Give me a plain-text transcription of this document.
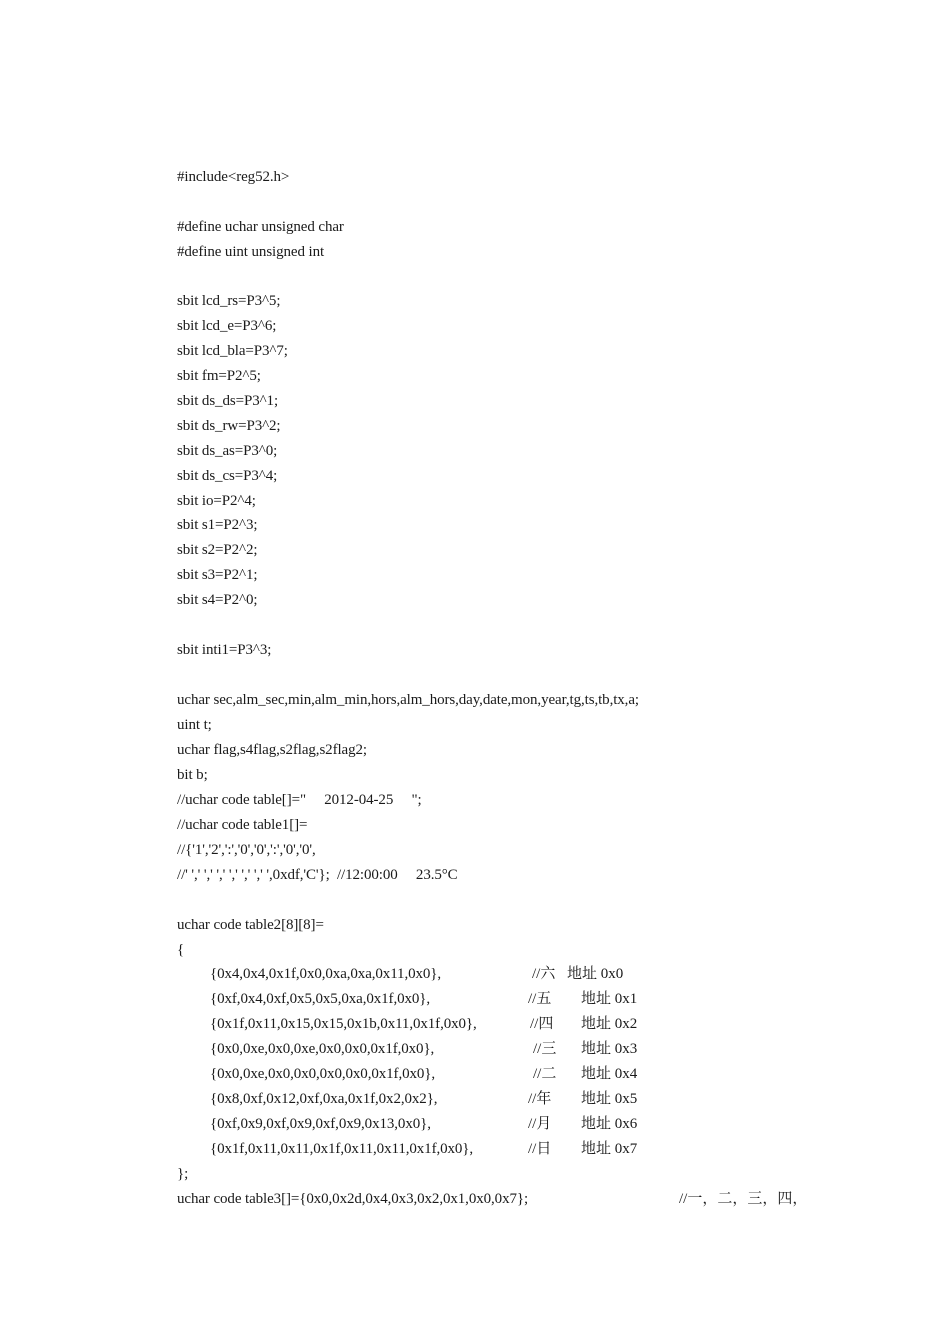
#include<reg52.h>
#define uchar unsigned char
#define uint unsigned int
sbit lcd_rs=P3^5;
sbit lcd_e=P3^6;
sbit lcd_bla=P3^7;
sbit fm=P2^5;
sbit ds_ds=P3^1;
sbit ds_rw=P3^2;
sbit ds_as=P3^0;
sbit ds_cs=P3^4;
sbit io=P2^4;
sbit s1=P2^3;
sbit s2=P2^2;
sbit s3=P2^1;
sbit s4=P2^0;
sbit inti1=P3^3;
uchar sec,alm_sec,min,alm_min,hors,alm_hors,day,date,mon,year,tg,ts,tb,tx,a;
uint t;
uchar flag,s4flag,s2flag,s2flag2;
bit b;
//uchar code table[]="     2012-04-25     ";
//uchar code table1[]=
//{'1','2',':','0','0',':','0','0',
//' ',' ',' ',' ',' ',' ',' ',0xdf,'C'};  //12:00:00     23.5°C
uchar code table2[8][8]=
{
{0x4,0x4,0x1f,0x0,0xa,0xa,0x11,0x0},	//六 地址 0x0
{0xf,0x4,0xf,0x5,0x5,0xa,0x1f,0x0},	//五 地址 0x1
{0x1f,0x11,0x15,0x15,0x1b,0x11,0x1f,0x0},	//四 地址 0x2
{0x0,0xe,0x0,0xe,0x0,0x0,0x1f,0x0},	//三 地址 0x3
{0x0,0xe,0x0,0x0,0x0,0x0,0x1f,0x0},	//二 地址 0x4
{0x8,0xf,0x12,0xf,0xa,0x1f,0x2,0x2},	//年 地址 0x5
{0xf,0x9,0xf,0x9,0xf,0x9,0x13,0x0},	//月 地址 0x6
{0x1f,0x11,0x11,0x1f,0x11,0x11,0x1f,0x0},	//日 地址 0x7
};
uchar code table3[]={0x0,0x2d,0x4,0x3,0x2,0x1,0x0,0x7};	//一，二，三，四，
